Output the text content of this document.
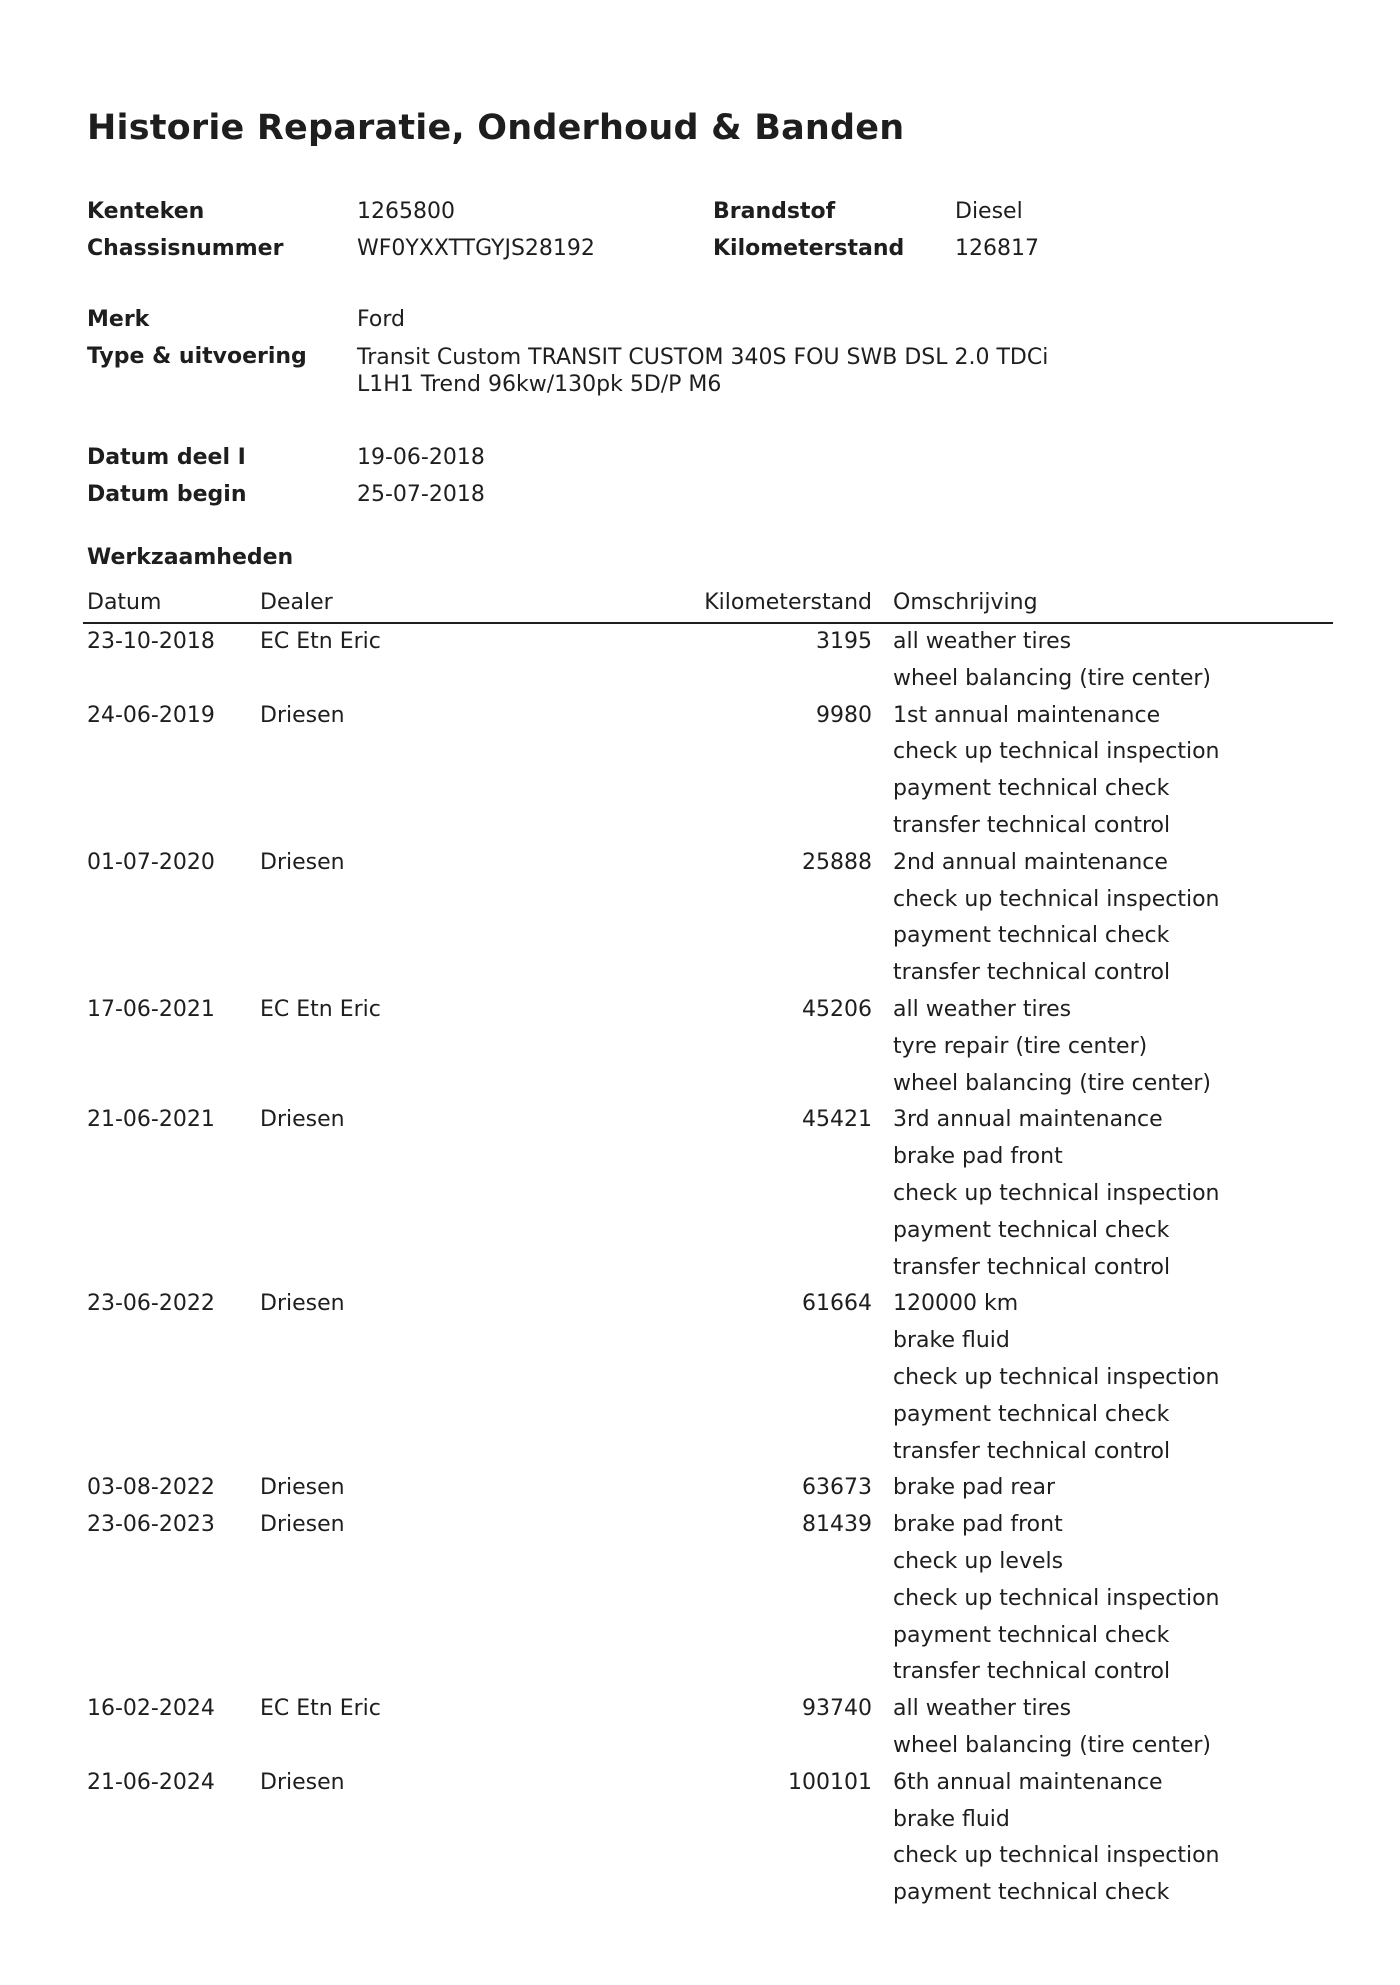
Historie Reparatie, Onderhoud & Banden
Kenteken	1265800	Brandstof	Diesel
Chassisnummer	WF0YXXTTGYJS28192	Kilometerstand 126817
Merk	Ford
Type & uitvoering Transit Custom TRANSIT CUSTOM 340S FOU SWB DSL 2.0 TDCi
L1H1 Trend 96kw/130pk 5D/P M6
Datum deel I	19-06-2018
Datum begin	25-07-2018
Werkzaamheden
Datum	Dealer	Kilometerstand Omschrijving
23-10-2018 EC Etn Eric	3195 all weather tires
wheel balancing (tire center)
24-06-2019 Driesen	9980 1st annual maintenance
check up technical inspection
payment technical check
transfer technical control
01-07-2020 Driesen	25888 2nd annual maintenance
check up technical inspection
payment technical check
transfer technical control
17-06-2021 EC Etn Eric	45206 all weather tires
tyre repair (tire center)
wheel balancing (tire center)
21-06-2021 Driesen	45421 3rd annual maintenance
brake pad front
check up technical inspection
payment technical check
transfer technical control
23-06-2022 Driesen	61664 120000 km
brake fluid
check up technical inspection
payment technical check
transfer technical control
03-08-2022 Driesen	63673 brake pad rear
23-06-2023 Driesen	81439 brake pad front
check up levels
check up technical inspection
payment technical check
transfer technical control
16-02-2024 EC Etn Eric	93740 all weather tires
wheel balancing (tire center)
21-06-2024 Driesen	100101 6th annual maintenance
brake fluid
check up technical inspection
payment technical check
